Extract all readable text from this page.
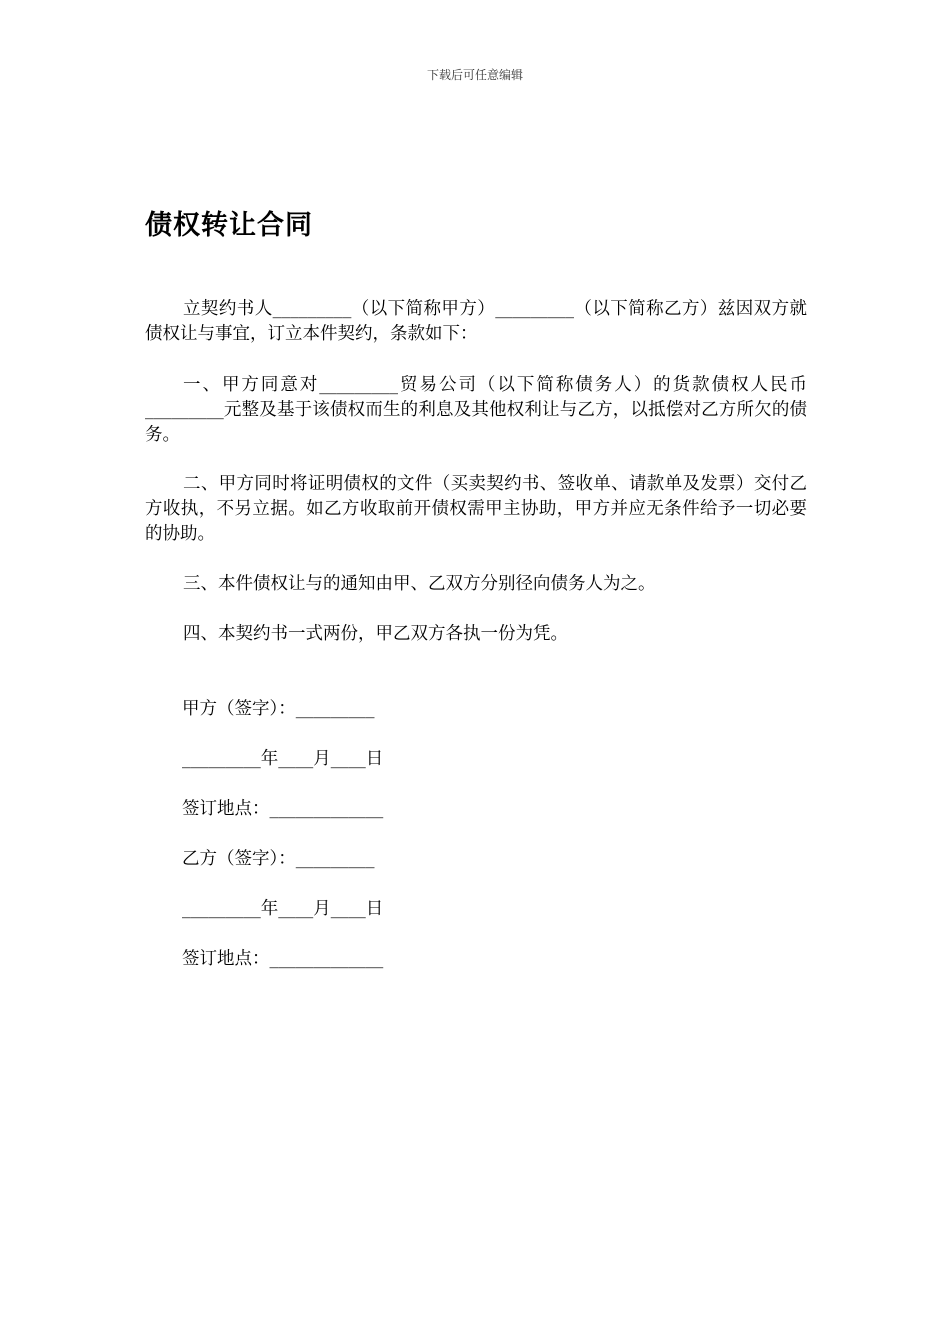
下载后可任意编辑
债权转让合同
立契约书人_________（以下简称甲方）_________（以下简称乙方）兹因双方就债权让与事宜，订立本件契约，条款如下：
一、甲方同意对_________贸易公司（以下简称债务人）的货款债权人民币_________元整及基于该债权而生的利息及其他权利让与乙方，以抵偿对乙方所欠的债务。
二、甲方同时将证明债权的文件（买卖契约书、签收单、请款单及发票）交付乙方收执，不另立据。如乙方收取前开债权需甲主协助，甲方并应无条件给予一切必要的协助。
三、本件债权让与的通知由甲、乙双方分别径向债务人为之。
四、本契约书一式两份，甲乙双方各执一份为凭。
甲方（签字）：_________
_________年____月____日
签订地点：_____________
乙方（签字）：_________
_________年____月____日
签订地点：_____________
